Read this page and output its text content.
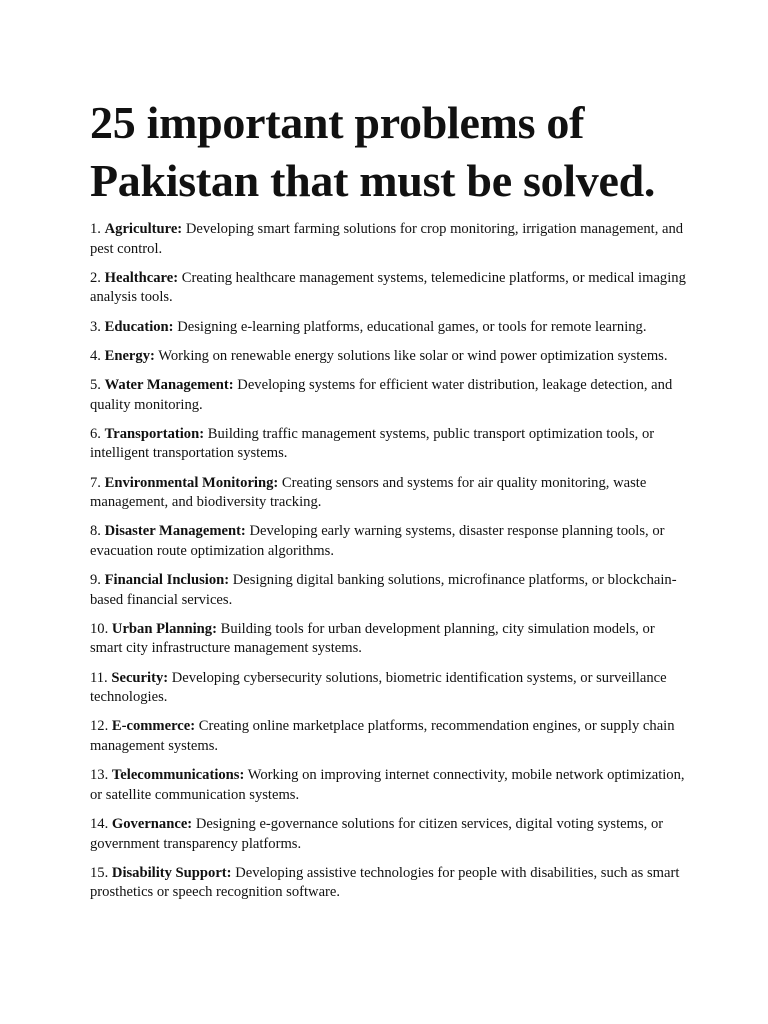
25 important problems of Pakistan that must be solved.

1. Agriculture: Developing smart farming solutions for crop monitoring, irrigation management, and pest control.

2. Healthcare: Creating healthcare management systems, telemedicine platforms, or medical imaging analysis tools.

3. Education: Designing e-learning platforms, educational games, or tools for remote learning.

4. Energy: Working on renewable energy solutions like solar or wind power optimization systems.

5. Water Management: Developing systems for efficient water distribution, leakage detection, and quality monitoring.

6. Transportation: Building traffic management systems, public transport optimization tools, or intelligent transportation systems.

7. Environmental Monitoring: Creating sensors and systems for air quality monitoring, waste management, and biodiversity tracking.

8. Disaster Management: Developing early warning systems, disaster response planning tools, or evacuation route optimization algorithms.

9. Financial Inclusion: Designing digital banking solutions, microfinance platforms, or blockchain-based financial services.

10. Urban Planning: Building tools for urban development planning, city simulation models, or smart city infrastructure management systems.

11. Security: Developing cybersecurity solutions, biometric identification systems, or surveillance technologies.

12. E-commerce: Creating online marketplace platforms, recommendation engines, or supply chain management systems.

13. Telecommunications: Working on improving internet connectivity, mobile network optimization, or satellite communication systems.

14. Governance: Designing e-governance solutions for citizen services, digital voting systems, or government transparency platforms.

15. Disability Support: Developing assistive technologies for people with disabilities, such as smart prosthetics or speech recognition software.
